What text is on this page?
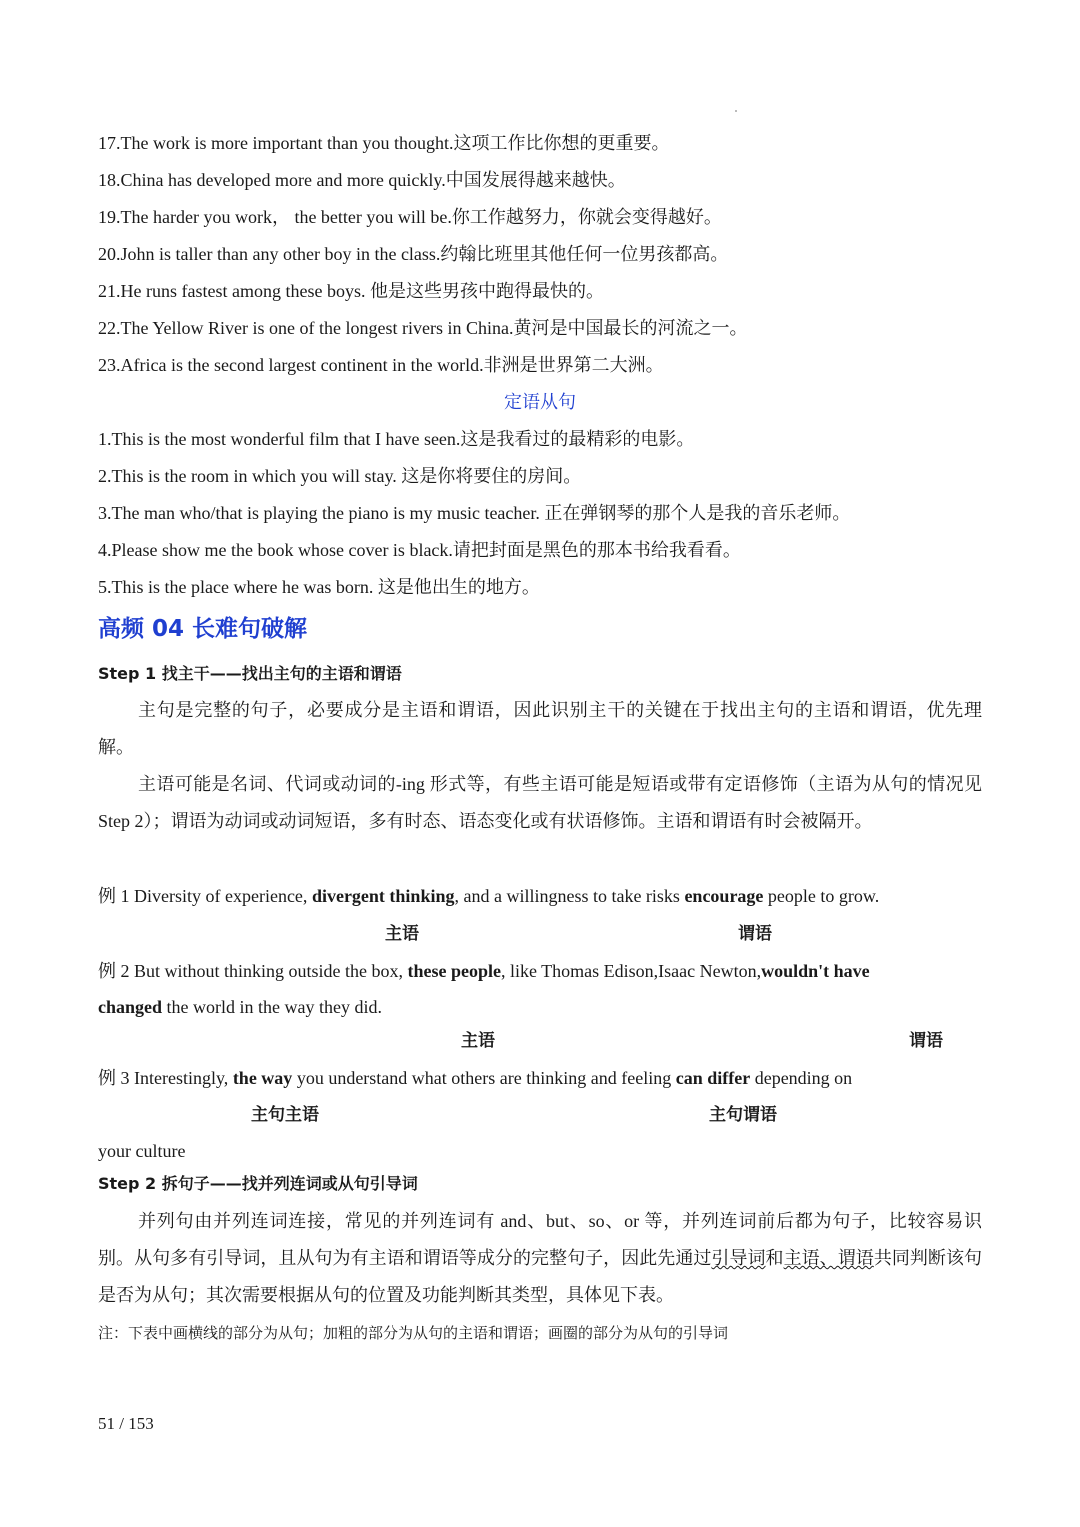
17.The work is more important than you thought.这项工作比你想的更重要。
18.China has developed more and more quickly.中国发展得越来越快。
19.The harder you work， the better you will be.你工作越努力，你就会变得越好。
20.John is taller than any other boy in the class.约翰比班里其他任何一位男孩都高。
21.He runs fastest among these boys. 他是这些男孩中跑得最快的。
22.The Yellow River is one of the longest rivers in China.黄河是中国最长的河流之一。
23.Africa is the second largest continent in the world.非洲是世界第二大洲。
定语从句
1.This is the most wonderful film that I have seen.这是我看过的最精彩的电影。
2.This is the room in which you will stay. 这是你将要住的房间。
3.The man who/that is playing the piano is my music teacher. 正在弹钢琴的那个人是我的音乐老师。
4.Please show me the book whose cover is black.请把封面是黑色的那本书给我看看。
5.This is the place where he was born. 这是他出生的地方。
高频 04 长难句破解
Step 1 找主干——找出主句的主语和谓语
主句是完整的句子，必要成分是主语和谓语，因此识别主干的关键在于找出主句的主语和谓语，优先理解。
主语可能是名词、代词或动词的-ing 形式等，有些主语可能是短语或带有定语修饰（主语为从句的情况见 Step 2）；谓语为动词或动词短语，多有时态、语态变化或有状语修饰。主语和谓语有时会被隔开。
例 1 Diversity of experience, divergent thinking, and a willingness to take risks encourage people to grow.
主语	谓语
例 2 But without thinking outside the box, these people, like Thomas Edison,Isaac Newton,wouldn't have
changed the world in the way they did.
主语	谓语
例 3 Interestingly, the way you understand what others are thinking and feeling can differ depending on
主句主语	主句谓语
your culture
Step 2 拆句子——找并列连词或从句引导词
并列句由并列连词连接，常见的并列连词有 and、but、so、or 等，并列连词前后都为句子，比较容易识别。从句多有引导词，且从句为有主语和谓语等成分的完整句子，因此先通过引导词和主语、谓语共同判断该句是否为从句；其次需要根据从句的位置及功能判断其类型，具体见下表。
注：下表中画横线的部分为从句；加粗的部分为从句的主语和谓语；画圈的部分为从句的引导词
51 / 153
